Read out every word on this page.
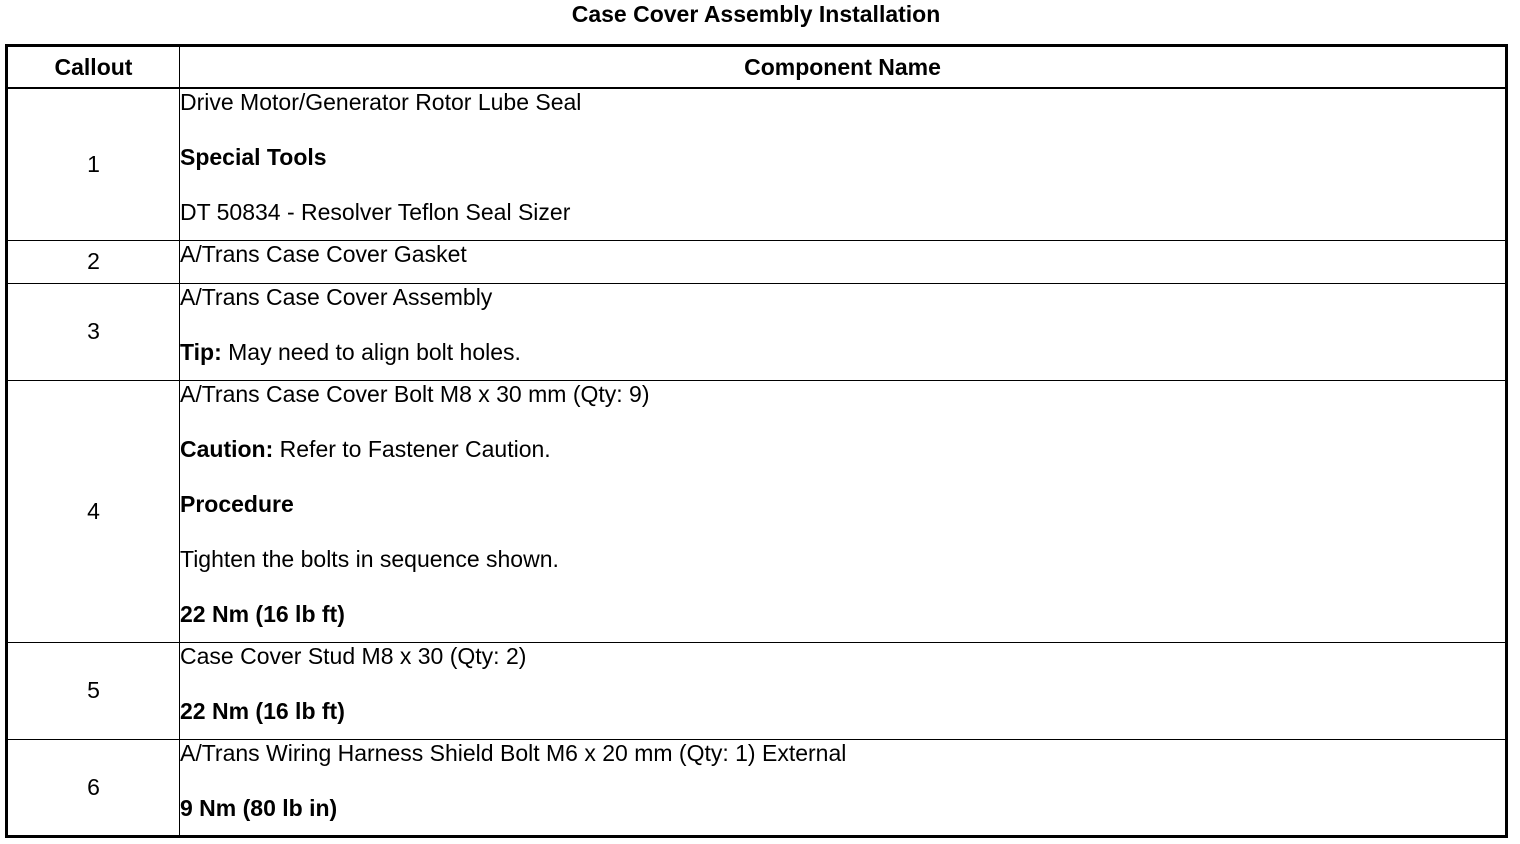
Case Cover Assembly Installation
Callout	Component Name
1	Drive Motor/Generator Rotor Lube Seal
Special Tools
DT 50834 - Resolver Teflon Seal Sizer

2	A/Trans Case Cover Gasket

3	A/Trans Case Cover Assembly
Tip: May need to align bolt holes.

4	A/Trans Case Cover Bolt M8 x 30 mm (Qty: 9)
Caution: Refer to Fastener Caution.
Procedure
Tighten the bolts in sequence shown.
22 Nm (16 lb ft)

5	Case Cover Stud M8 x 30 (Qty: 2)
22 Nm (16 lb ft)

6	A/Trans Wiring Harness Shield Bolt M6 x 20 mm (Qty: 1) External
9 Nm (80 lb in)
